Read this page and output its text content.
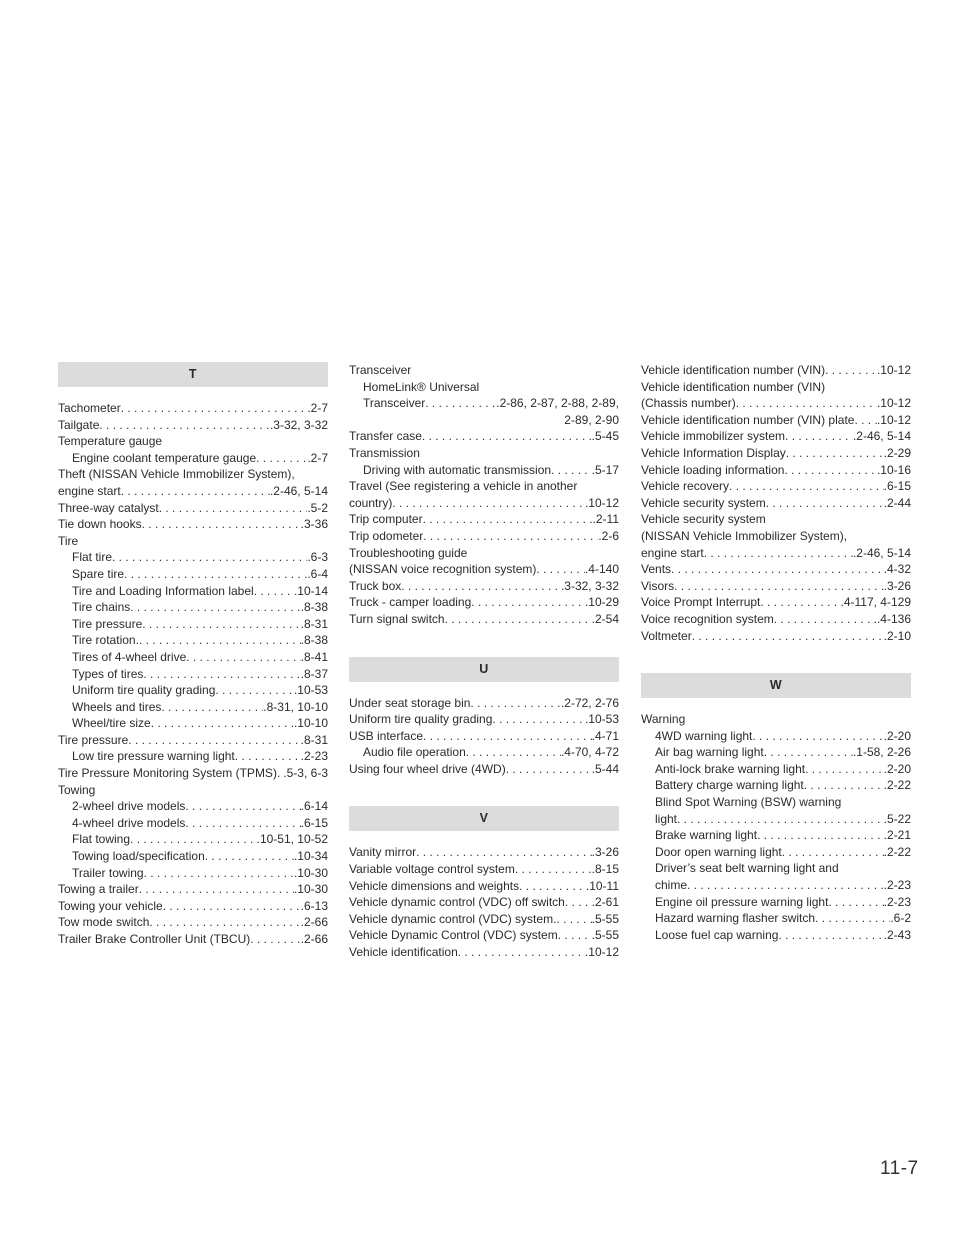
T
Tachometer . . .	.2-7
Tailgate . . .	.3-32, 3-32
Temperature gauge
Engine coolant temperature gauge . . .	.2-7
Theft (NISSAN Vehicle Immobilizer System),
engine start . . .	.2-46, 5-14
Three-way catalyst . . .	.5-2
Tie down hooks . . .	.3-36
Tire
Flat tire . . .	.6-3
Spare tire . . .	.6-4
Tire and Loading Information label . . .	.10-14
Tire chains . . .	.8-38
Tire pressure . . .	.8-31
Tire rotation. . . .	.8-38
Tires of 4-wheel drive . . .	.8-41
Types of tires . . .	.8-37
Uniform tire quality grading . . .	.10-53
Wheels and tires . . .	.8-31, 10-10
Wheel/tire size . . .	.10-10
Tire pressure . . .	.8-31
Low tire pressure warning light . . .	.2-23
Tire Pressure Monitoring System (TPMS) . . . .5-3, 6-3
Towing
2-wheel drive models . . .	.6-14
4-wheel drive models . . .	.6-15
Flat towing . . .	.10-51, 10-52
Towing load/specification . . .	.10-34
Trailer towing . . .	.10-30
Towing a trailer . . .	.10-30
Towing your vehicle . . .	.6-13
Tow mode switch . . .	.2-66
Trailer Brake Controller Unit (TBCU) . . .	.2-66
Transceiver
HomeLink® Universal
Transceiver . . .	.2-86, 2-87, 2-88, 2-89,
2-89, 2-90
Transfer case . . .	.5-45
Transmission
Driving with automatic transmission . . .	.5-17
Travel (See registering a vehicle in another
country) . . .	.10-12
Trip computer . . .	.2-11
Trip odometer . . .	.2-6
Troubleshooting guide
(NISSAN voice recognition system) . . .	.4-140
Truck box . . .	.3-32, 3-32
Truck - camper loading . . .	.10-29
Turn signal switch . . .	.2-54
U
Under seat storage bin . . .	.2-72, 2-76
Uniform tire quality grading . . .	.10-53
USB interface . . .	.4-71
Audio file operation . . .	.4-70, 4-72
Using four wheel drive (4WD) . . .	.5-44
V
Vanity mirror . . .	.3-26
Variable voltage control system . . .	.8-15
Vehicle dimensions and weights . . .	.10-11
Vehicle dynamic control (VDC) off switch . . . .2-61
Vehicle dynamic control (VDC) system. . . .	.5-55
Vehicle Dynamic Control (VDC) system . . .	.5-55
Vehicle identification . . .	.10-12
Vehicle identification number (VIN) . . .	.10-12
Vehicle identification number (VIN)
(Chassis number) . . .	.10-12
Vehicle identification number (VIN) plate . . . .10-12
Vehicle immobilizer system . . .	.2-46, 5-14
Vehicle Information Display . . .	.2-29
Vehicle loading information . . .	.10-16
Vehicle recovery . . .	.6-15
Vehicle security system . . .	.2-44
Vehicle security system
(NISSAN Vehicle Immobilizer System),
engine start . . .	.2-46, 5-14
Vents . . .	.4-32
Visors . . .	.3-26
Voice Prompt Interrupt . . .	.4-117, 4-129
Voice recognition system . . .	.4-136
Voltmeter . . .	.2-10
W
Warning
4WD warning light . . .	.2-20
Air bag warning light . . .	.1-58, 2-26
Anti-lock brake warning light . . .	.2-20
Battery charge warning light . . .	.2-22
Blind Spot Warning (BSW) warning
light . . .	.5-22
Brake warning light . . .	.2-21
Door open warning light . . .	.2-22
Driver’s seat belt warning light and
chime . . .	.2-23
Engine oil pressure warning light . . .	.2-23
Hazard warning flasher switch . . .	.6-2
Loose fuel cap warning . . .	.2-43
11-7
